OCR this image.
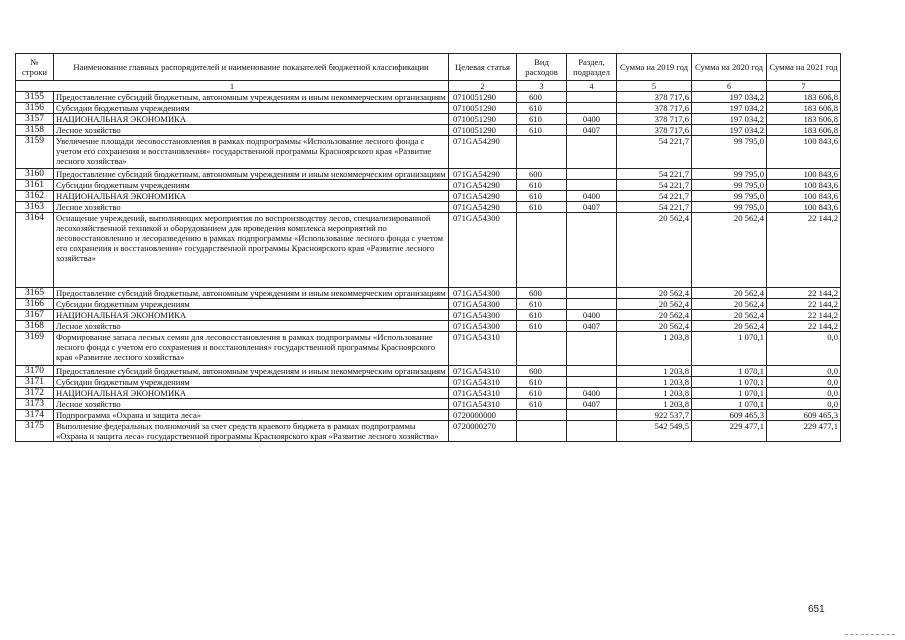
№ строки	Наименование главных распорядителей и наименование показателей бюджетной классификации	Целевая статья	Вид расходов	Раздел, подраздел	Сумма на 2019 год	Сумма на 2020 год	Сумма на 2021 год
1		2	3	4	5	6	7
3155	Предоставление субсидий бюджетным, автономным учреждениям и иным некоммерческим организациям	0710051290	600		378 717,6	197 034,2	183 606,8
3156	Субсидии бюджетным учреждениям	0710051290	610		378 717,6	197 034,2	183 606,8
3157	НАЦИОНАЛЬНАЯ ЭКОНОМИКА	0710051290	610	0400	378 717,6	197 034,2	183 606,8
3158	Лесное хозяйство	0710051290	610	0407	378 717,6	197 034,2	183 606,8
3159	Увеличение площади лесовосстановления в рамках подпрограммы «Использование лесного фонда с учетом его сохранения и восстановления» государственной программы Красноярского края «Развитие лесного хозяйства»	071GA54290			54 221,7	99 795,0	100 843,6
3160	Предоставление субсидий бюджетным, автономным учреждениям и иным некоммерческим организациям	071GA54290	600		54 221,7	99 795,0	100 843,6
3161	Субсидии бюджетным учреждениям	071GA54290	610		54 221,7	99 795,0	100 843,6
3162	НАЦИОНАЛЬНАЯ ЭКОНОМИКА	071GA54290	610	0400	54 221,7	99 795,0	100 843,6
3163	Лесное хозяйство	071GA54290	610	0407	54 221,7	99 795,0	100 843,6
3164	Оснащение учреждений, выполняющих мероприятия по воспроизводству лесов, специализированной лесохозяйственной техникой и оборудованием для проведения комплекса мероприятий по лесовосстановлению и лесоразведению в рамках подпрограммы «Использование лесного фонда с учетом его сохранения и восстановления» государственной программы Красноярского края «Развитие лесного хозяйства»	071GA54300			20 562,4	20 562,4	22 144,2
3165	Предоставление субсидий бюджетным, автономным учреждениям и иным некоммерческим организациям	071GA54300	600		20 562,4	20 562,4	22 144,2
3166	Субсидии бюджетным учреждениям	071GA54300	610		20 562,4	20 562,4	22 144,2
3167	НАЦИОНАЛЬНАЯ ЭКОНОМИКА	071GA54300	610	0400	20 562,4	20 562,4	22 144,2
3168	Лесное хозяйство	071GA54300	610	0407	20 562,4	20 562,4	22 144,2
3169	Формирование запаса лесных семян для лесовосстановления в рамках подпрограммы «Использование лесного фонда с учетом его сохранения и восстановления» государственной программы Красноярского края «Развитие лесного хозяйства»	071GA54310			1 203,8	1 070,1	0,0
3170	Предоставление субсидий бюджетным, автономным учреждениям и иным некоммерческим организациям	071GA54310	600		1 203,8	1 070,1	0,0
3171	Субсидии бюджетным учреждениям	071GA54310	610		1 203,8	1 070,1	0,0
3172	НАЦИОНАЛЬНАЯ ЭКОНОМИКА	071GA54310	610	0400	1 203,8	1 070,1	0,0
3173	Лесное хозяйство	071GA54310	610	0407	1 203,8	1 070,1	0,0
3174	Подпрограмма «Охрана и защита леса»	0720000000			922 537,7	609 465,3	609 465,3
3175	Выполнение федеральных полномочий за счет средств краевого бюджета в рамках подпрограммы «Охрана и защита леса» государственной программы Красноярского края «Развитие лесного хозяйства»	0720000270			542 549,5	229 477,1	229 477,1
651
